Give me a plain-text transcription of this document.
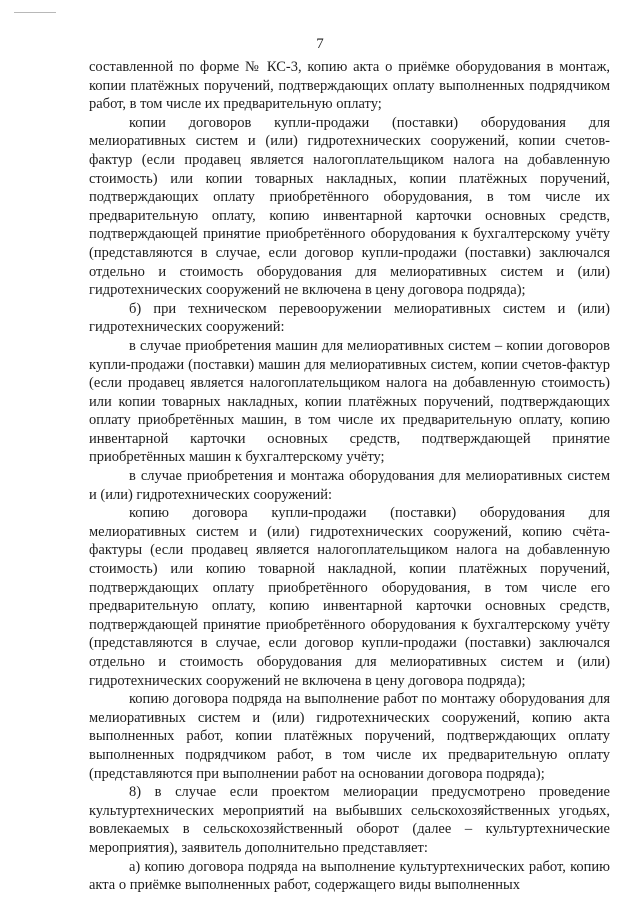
7

составленной по форме № КС-3, копию акта о приёмке оборудования в монтаж, копии платёжных поручений, подтверждающих оплату выполненных подрядчиком работ, в том числе их предварительную оплату;

копии договоров купли-продажи (поставки) оборудования для мелиоративных систем и (или) гидротехнических сооружений, копии счетов-фактур (если продавец является налогоплательщиком налога на добавленную стоимость) или копии товарных накладных, копии платёжных поручений, подтверждающих оплату приобретённого оборудования, в том числе их предварительную оплату, копию инвентарной карточки основных средств, подтверждающей принятие приобретённого оборудования к бухгалтерскому учёту (представляются в случае, если договор купли-продажи (поставки) заключался отдельно и стоимость оборудования для мелиоративных систем и (или) гидротехнических сооружений не включена в цену договора подряда);

б) при техническом перевооружении мелиоративных систем и (или) гидротехнических сооружений:

в случае приобретения машин для мелиоративных систем – копии договоров купли-продажи (поставки) машин для мелиоративных систем, копии счетов-фактур (если продавец является налогоплательщиком налога на добавленную стоимость) или копии товарных накладных, копии платёжных поручений, подтверждающих оплату приобретённых машин, в том числе их предварительную оплату, копию инвентарной карточки основных средств, подтверждающей принятие приобретённых машин к бухгалтерскому учёту;

в случае приобретения и монтажа оборудования для мелиоративных систем и (или) гидротехнических сооружений:

копию договора купли-продажи (поставки) оборудования для мелиоративных систем и (или) гидротехнических сооружений, копию счёта-фактуры (если продавец является налогоплательщиком налога на добавленную стоимость) или копию товарной накладной, копии платёжных поручений, подтверждающих оплату приобретённого оборудования, в том числе его предварительную оплату, копию инвентарной карточки основных средств, подтверждающей принятие приобретённого оборудования к бухгалтерскому учёту (представляются в случае, если договор купли-продажи (поставки) заключался отдельно и стоимость оборудования для мелиоративных систем и (или) гидротехнических сооружений не включена в цену договора подряда);

копию договора подряда на выполнение работ по монтажу оборудования для мелиоративных систем и (или) гидротехнических сооружений, копию акта выполненных работ, копии платёжных поручений, подтверждающих оплату выполненных подрядчиком работ, в том числе их предварительную оплату (представляются при выполнении работ на основании договора подряда);

8) в случае если проектом мелиорации предусмотрено проведение культуртехнических мероприятий на выбывших сельскохозяйственных угодьях, вовлекаемых в сельскохозяйственный оборот (далее – культуртехнические мероприятия), заявитель дополнительно представляет:

а) копию договора подряда на выполнение культуртехнических работ, копию акта о приёмке выполненных работ, содержащего виды выполненных
